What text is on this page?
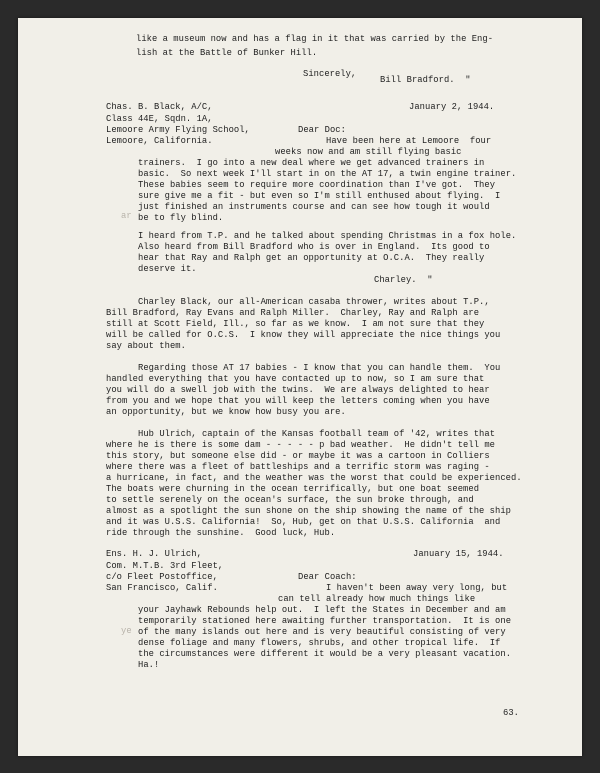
like a museum now and has a flag in it that was carried by the Eng-
lish at the Battle of Bunker Hill.
Sincerely,
Bill Bradford.  "
Chas. B. Black, A/C,	January 2, 1944.
Class 44E, Sqdn. 1A,
Lemoore Army Flying School,	Dear Doc:
Lemoore, California.	Have been here at Lemoore  four
weeks now and am still flying basic
trainers.  I go into a new deal where we get advanced trainers in
basic.  So next week I'll start in on the AT 17, a twin engine trainer.
These babies seem to require more coordination than I've got.  They
sure give me a fit - but even so I'm still enthused about flying.  I
just finished an instruments course and can see how tough it would
be to fly blind.
I heard from T.P. and he talked about spending Christmas in a fox hole.
Also heard from Bill Bradford who is over in England.  Its good to
hear that Ray and Ralph get an opportunity at O.C.A.  They really
deserve it.
Charley.  "
Charley Black, our all-American casaba thrower, writes about T.P.,
Bill Bradford, Ray Evans and Ralph Miller.  Charley, Ray and Ralph are
still at Scott Field, Ill., so far as we know.  I am not sure that they
will be called for O.C.S.  I know they will appreciate the nice things you
say about them.
Regarding those AT 17 babies - I know that you can handle them.  You
handled everything that you have contacted up to now, so I am sure that
you will do a swell job with the twins.  We are always delighted to hear
from you and we hope that you will keep the letters coming when you have
an opportunity, but we know how busy you are.
Hub Ulrich, captain of the Kansas football team of '42, writes that
where he is there is some dam - - - - - p bad weather.  He didn't tell me
this story, but someone else did - or maybe it was a cartoon in Colliers
where there was a fleet of battleships and a terrific storm was raging -
a hurricane, in fact, and the weather was the worst that could be experienced.
The boats were churning in the ocean terrifically, but one boat seemed
to settle serenely on the ocean's surface, the sun broke through, and
almost as a spotlight the sun shone on the ship showing the name of the ship
and it was U.S.S. California!  So, Hub, get on that U.S.S. California  and
ride through the sunshine.  Good luck, Hub.
Ens. H. J. Ulrich,	January 15, 1944.
Com. M.T.B. 3rd Fleet,
c/o Fleet Postoffice,	Dear Coach:
San Francisco, Calif.	I haven't been away very long, but
can tell already how much things like
your Jayhawk Rebounds help out.  I left the States in December and am
temporarily stationed here awaiting further transportation.  It is one
of the many islands out here and is very beautiful consisting of very
dense foliage and many flowers, shrubs, and other tropical life.  If
the circumstances were different it would be a very pleasant vacation.
Ha.!
ar
ye
63.
